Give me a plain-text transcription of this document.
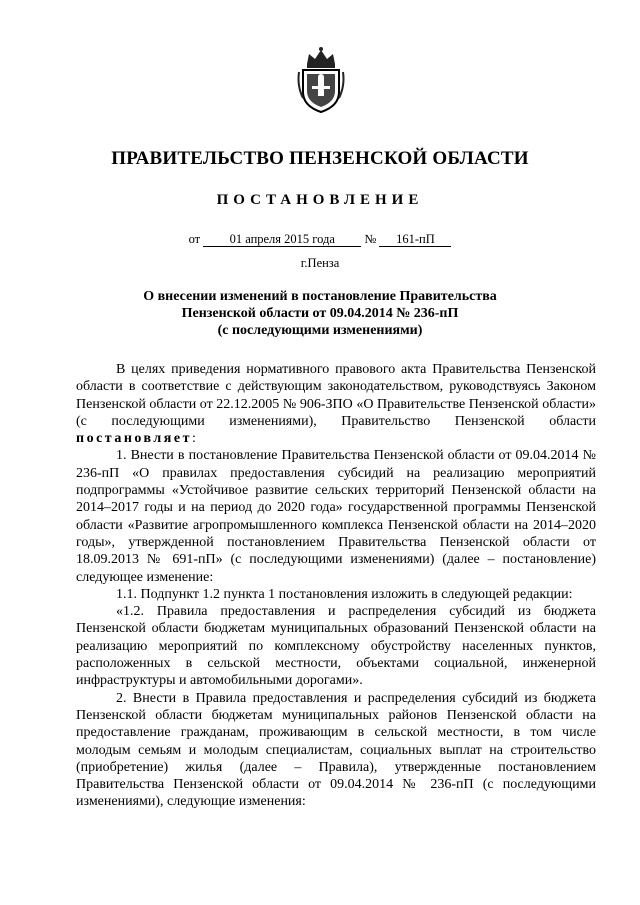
ПРАВИТЕЛЬСТВО ПЕНЗЕНСКОЙ ОБЛАСТИ
ПОСТАНОВЛЕНИЕ
от 01 апреля 2015 года № 161-пП
г.Пенза
О внесении изменений в постановление Правительства
Пензенской области от 09.04.2014 № 236-пП
(с последующими изменениями)

В целях приведения нормативного правового акта Правительства Пензенской области в соответствие с действующим законодательством, руководствуясь Законом Пензенской области от 22.12.2005 № 906-ЗПО «О Правительстве Пензенской области» (с последующими изменениями), Правительство Пензенской области постановляет:

1. Внести в постановление Правительства Пензенской области от 09.04.2014 № 236-пП «О правилах предоставления субсидий на реализацию мероприятий подпрограммы «Устойчивое развитие сельских территорий Пензенской области на 2014–2017 годы и на период до 2020 года» государственной программы Пензенской области «Развитие агропромышленного комплекса Пензенской области на 2014–2020 годы», утвержденной постановлением Правительства Пензенской области от 18.09.2013 № 691-пП» (с последующими изменениями) (далее – постановление) следующее изменение:

1.1. Подпункт 1.2 пункта 1 постановления изложить в следующей редакции:

«1.2. Правила предоставления и распределения субсидий из бюджета Пензенской области бюджетам муниципальных образований Пензенской области на реализацию мероприятий по комплексному обустройству населенных пунктов, расположенных в сельской местности, объектами социальной, инженерной инфраструктуры и автомобильными дорогами».

2. Внести в Правила предоставления и распределения субсидий из бюджета Пензенской области бюджетам муниципальных районов Пензенской области на предоставление гражданам, проживающим в сельской местности, в том числе молодым семьям и молодым специалистам, социальных выплат на строительство (приобретение) жилья (далее – Правила), утвержденные постановлением Правительства Пензенской области от 09.04.2014 № 236-пП (с последующими изменениями), следующие изменения:
